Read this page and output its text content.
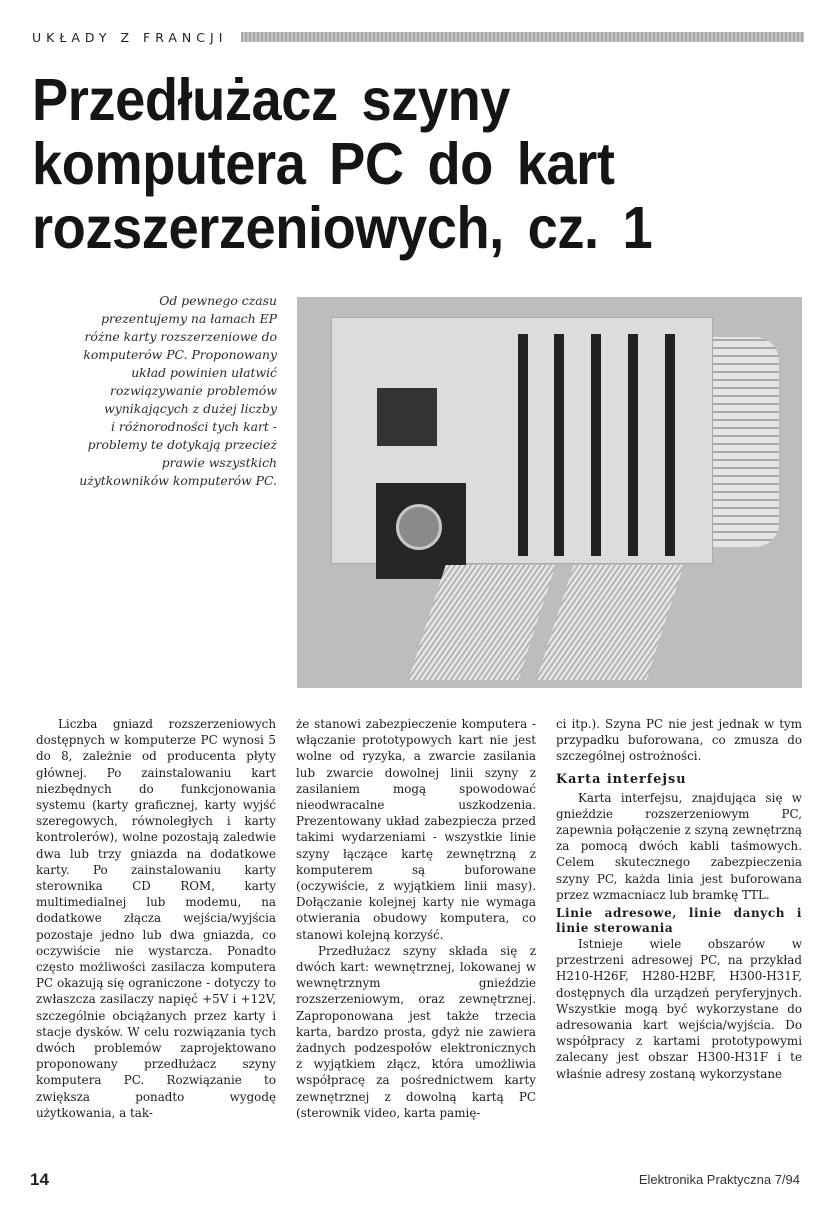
UKŁADY Z FRANCJI
Przedłużacz szyny
komputera PC do kart
rozszerzeniowych, cz. 1
Od pewnego czasu
prezentujemy na łamach EP
różne karty rozszerzeniowe do
komputerów PC. Proponowany
układ powinien ułatwić
rozwiązywanie problemów
wynikających z dużej liczby
i różnorodności tych kart -
problemy te dotykają przecież
prawie wszystkich
użytkowników komputerów PC.

Liczba gniazd rozszerzeniowych dostępnych w komputerze PC wynosi 5 do 8, zależnie od producenta płyty głównej. Po zainstalowaniu kart niezbędnych do funkcjonowania systemu (karty graficznej, karty wyjść szeregowych, równoległych i karty kontrolerów), wolne pozostają zaledwie dwa lub trzy gniazda na dodatkowe karty. Po zainstalowaniu karty sterownika CD ROM, karty multimedialnej lub modemu, na dodatkowe złącza wejścia/wyjścia pozostaje jedno lub dwa gniazda, co oczywiście nie wystarcza. Ponadto często możliwości zasilacza komputera PC okazują się ograniczone - dotyczy to zwłaszcza zasilaczy napięć +5V i +12V, szczególnie obciążanych przez karty i stacje dysków. W celu rozwiązania tych dwóch problemów zaprojektowano proponowany przedłużacz szyny komputera PC. Rozwiązanie to zwiększa ponadto wygodę użytkowania, a tak-

że stanowi zabezpieczenie komputera - włączanie prototypowych kart nie jest wolne od ryzyka, a zwarcie zasilania lub zwarcie dowolnej linii szyny z zasilaniem mogą spowodować nieodwracalne uszkodzenia. Prezentowany układ zabezpiecza przed takimi wydarzeniami - wszystkie linie szyny łączące kartę zewnętrzną z komputerem są buforowane (oczywiście, z wyjątkiem linii masy). Dołączanie kolejnej karty nie wymaga otwierania obudowy komputera, co stanowi kolejną korzyść.

Przedłużacz szyny składa się z dwóch kart: wewnętrznej, lokowanej w wewnętrznym gnieździe rozszerzeniowym, oraz zewnętrznej. Zaproponowana jest także trzecia karta, bardzo prosta, gdyż nie zawiera żadnych podzespołów elektronicznych z wyjątkiem złącz, która umożliwia współpracę za pośrednictwem karty zewnętrznej z dowolną kartą PC (sterownik video, karta pamię-

ci itp.). Szyna PC nie jest jednak w tym przypadku buforowana, co zmusza do szczególnej ostrożności.

Karta interfejsu

Karta interfejsu, znajdująca się w gnieździe rozszerzeniowym PC, zapewnia połączenie z szyną zewnętrzną za pomocą dwóch kabli taśmowych. Celem skutecznego zabezpieczenia szyny PC, każda linia jest buforowana przez wzmacniacz lub bramkę TTL.

Linie adresowe, linie danych i linie sterowania

Istnieje wiele obszarów w przestrzeni adresowej PC, na przykład H210-H26F, H280-H2BF, H300-H31F, dostępnych dla urządzeń peryferyjnych. Wszystkie mogą być wykorzystane do adresowania kart wejścia/wyjścia. Do współpracy z kartami prototypowymi zalecany jest obszar H300-H31F i te właśnie adresy zostaną wykorzystane

14	Elektronika Praktyczna 7/94
